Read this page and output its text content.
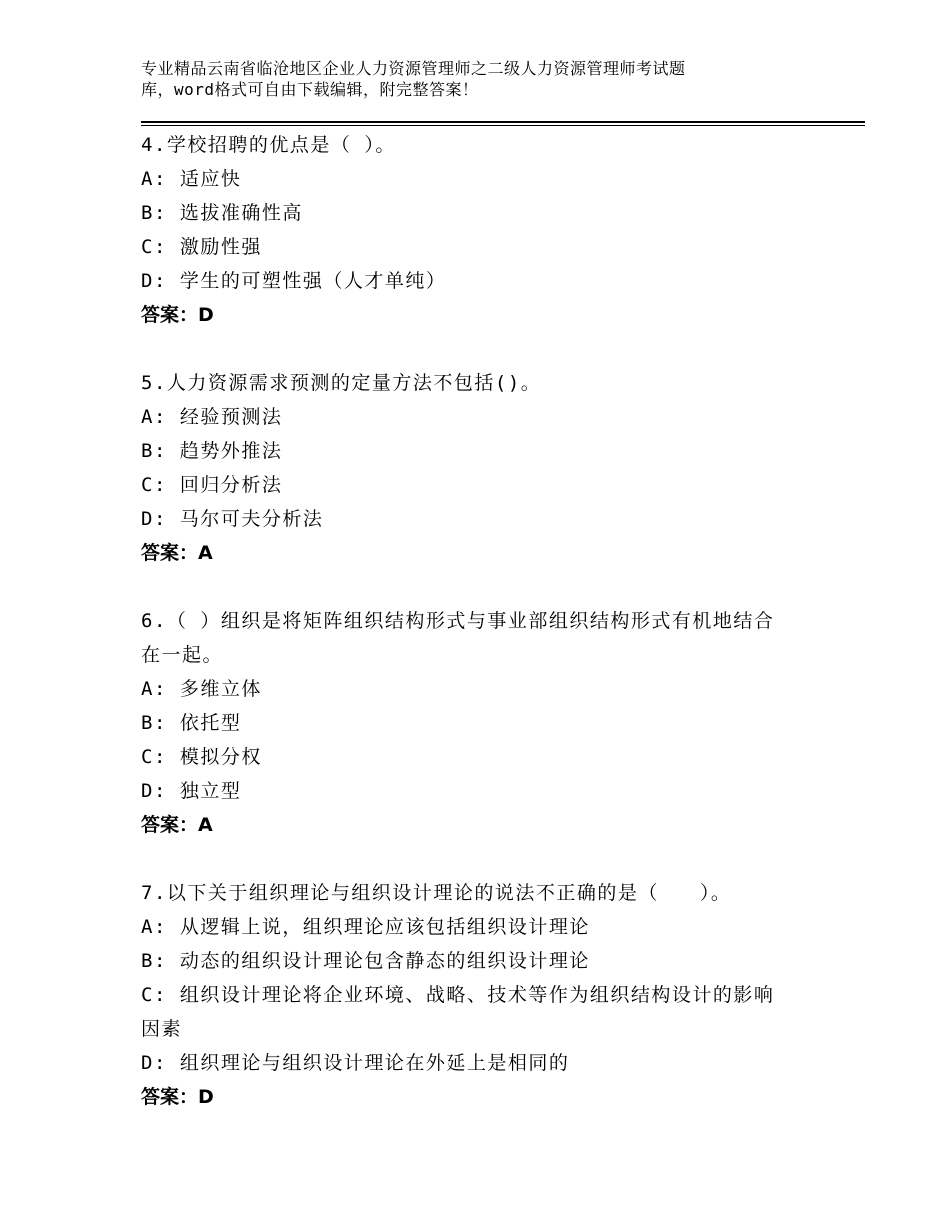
专业精品云南省临沧地区企业人力资源管理师之二级人力资源管理师考试题
库，word格式可自由下载编辑，附完整答案！
4.学校招聘的优点是（ ）。
A: 适应快
B: 选拔准确性高
C: 激励性强
D: 学生的可塑性强（人才单纯）
答案：D
5.人力资源需求预测的定量方法不包括()。
A: 经验预测法
B: 趋势外推法
C: 回归分析法
D: 马尔可夫分析法
答案：A
6.（ ）组织是将矩阵组织结构形式与事业部组织结构形式有机地结合
在一起。
A: 多维立体
B: 依托型
C: 模拟分权
D: 独立型
答案：A
7.以下关于组织理论与组织设计理论的说法不正确的是（　　）。
A: 从逻辑上说，组织理论应该包括组织设计理论
B: 动态的组织设计理论包含静态的组织设计理论
C: 组织设计理论将企业环境、战略、技术等作为组织结构设计的影响
因素
D: 组织理论与组织设计理论在外延上是相同的
答案：D
